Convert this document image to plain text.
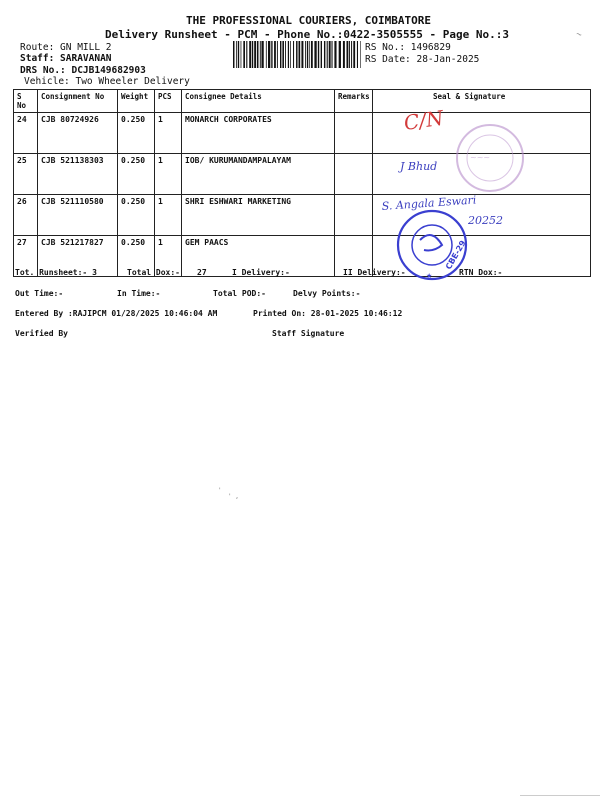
THE PROFESSIONAL COURIERS, COIMBATORE
Delivery Runsheet - PCM - Phone No.:0422-3505555 - Page No.:3
Route: GN MILL 2
Staff: SARAVANAN
DRS No.: DCJB149682903
Vehicle: Two Wheeler Delivery
RS No.: 1496829
RS Date: 28-Jan-2025
~
S No	Consignment No	Weight	PCS	Consignee Details	Remarks	Seal & Signature
24	CJB 80724926	0.250	1	MONARCH CORPORATES		
25	CJB 521138303	0.250	1	IOB/ KURUMANDAMPALAYAM		
26	CJB 521110580	0.250	1	SHRI ESHWARI MARKETING		
27	CJB 521217827	0.250	1	GEM PAACS		
C/N
~~~
J Bhud
S. Angala Eswari
20252
★
CBE-29
Tot. Runsheet:- 3	Total Dox:- 27	I Delivery:-	II Delivery:-	RTN Dox:-
Out Time:-	In Time:-	Total POD:-	Delvy Points:-
Entered By :RAJIPCM 01/28/2025 10:46:04 AM	Printed On: 28-01-2025 10:46:12
Verified By	Staff Signature
'
' ,
